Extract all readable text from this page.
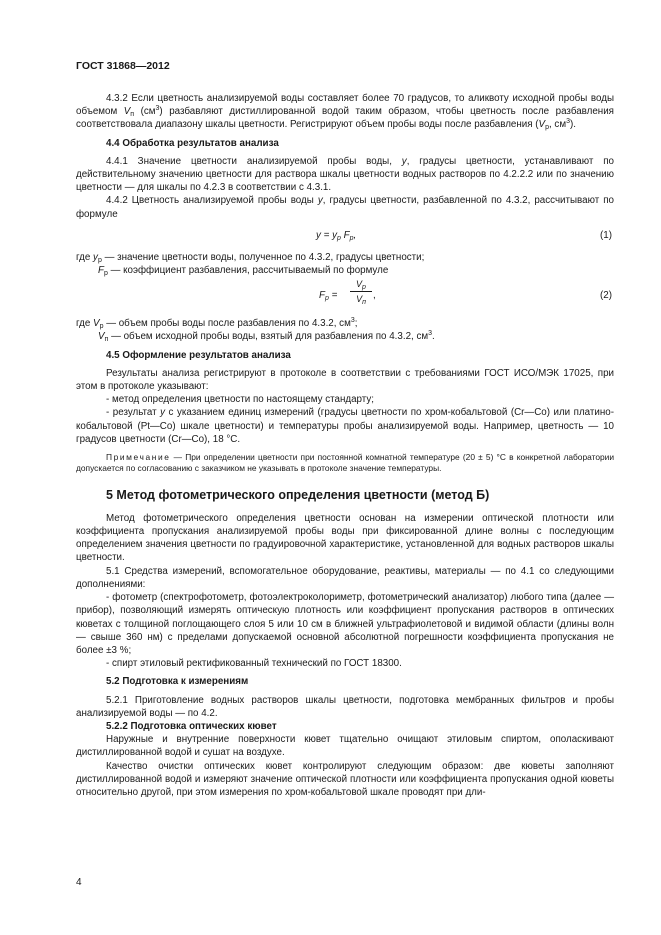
ГОСТ 31868—2012

4.3.2 Если цветность анализируемой воды составляет более 70 градусов, то аликвоту исходной пробы воды объемом $V_п$ $(см^3)$ разбавляют дистиллированной водой таким образом, чтобы цветность после разбавления соответствовала диапазону шкалы цветности. Регистрируют объем пробы воды после разбавления ($V_р$, $см^3$).

4.4 Обработка результатов анализа

4.4.1 Значение цветности анализируемой пробы воды, у, градусы цветности, устанавливают по действительному значению цветности для раствора шкалы цветности водных растворов по 4.2.2.2 или по значению цветности — для шкалы по 4.2.3 в соответствии с 4.3.1.

4.4.2 Цветность анализируемой пробы воды у, градусы цветности, разбавленной по 4.3.2, рассчитывают по формуле

$у = у_р$ $F_р$,	(1)

где $у_р$ — значение цветности воды, полученное по 4.3.2, градусы цветности;

$F_р$ — коэффициент разбавления, рассчитываемый по формуле

$F_р$ =
$V_р$
$V_п$
,	(2)

где $V_р$ — объем пробы воды после разбавления по 4.3.2, $см^3$;

$V_п$ — объем исходной пробы воды, взятый для разбавления по 4.3.2, $см^3$.

4.5 Оформление результатов анализа

Результаты анализа регистрируют в протоколе в соответствии с требованиями ГОСТ ИСО/МЭК 17025, при этом в протоколе указывают:

- метод определения цветности по настоящему стандарту;

- результат у с указанием единиц измерений (градусы цветности по хром-кобальтовой (Cr—Co) или платино-кобальтовой (Pt—Co) шкале цветности) и температуры пробы анализируемой воды. Например, цветность — 10 градусов цветности (Cr—Co), 18 °С.

Примечание — При определении цветности при постоянной комнатной температуре (20 ± 5) °С в конкретной лаборатории допускается по согласованию с заказчиком не указывать в протоколе значение температуры.

5 Метод фотометрического определения цветности (метод Б)

Метод фотометрического определения цветности основан на измерении оптической плотности или коэффициента пропускания анализируемой пробы воды при фиксированной длине волны с последующим определением значения цветности по градуировочной характеристике, установленной для водных растворов шкалы цветности.

5.1 Средства измерений, вспомогательное оборудование, реактивы, материалы — по 4.1 со следующими дополнениями:

- фотометр (спектрофотометр, фотоэлектроколориметр, фотометрический анализатор) любого типа (далее — прибор), позволяющий измерять оптическую плотность или коэффициент пропускания растворов в оптических кюветах с толщиной поглощающего слоя 5 или 10 см в ближней ультрафиолетовой и видимой области (длины волн — свыше 360 нм) с пределами допускаемой основной абсолютной погрешности коэффициента пропускания не более ±3 %;

- спирт этиловый ректификованный технический по ГОСТ 18300.

5.2 Подготовка к измерениям

5.2.1 Приготовление водных растворов шкалы цветности, подготовка мембранных фильтров и пробы анализируемой воды — по 4.2.

5.2.2 Подготовка оптических кювет

Наружные и внутренние поверхности кювет тщательно очищают этиловым спиртом, ополаскивают дистиллированной водой и сушат на воздухе.

Качество очистки оптических кювет контролируют следующим образом: две кюветы заполняют дистиллированной водой и измеряют значение оптической плотности или коэффициента пропускания одной кюветы относительно другой, при этом измерения по хром-кобальтовой шкале проводят при дли-

4
